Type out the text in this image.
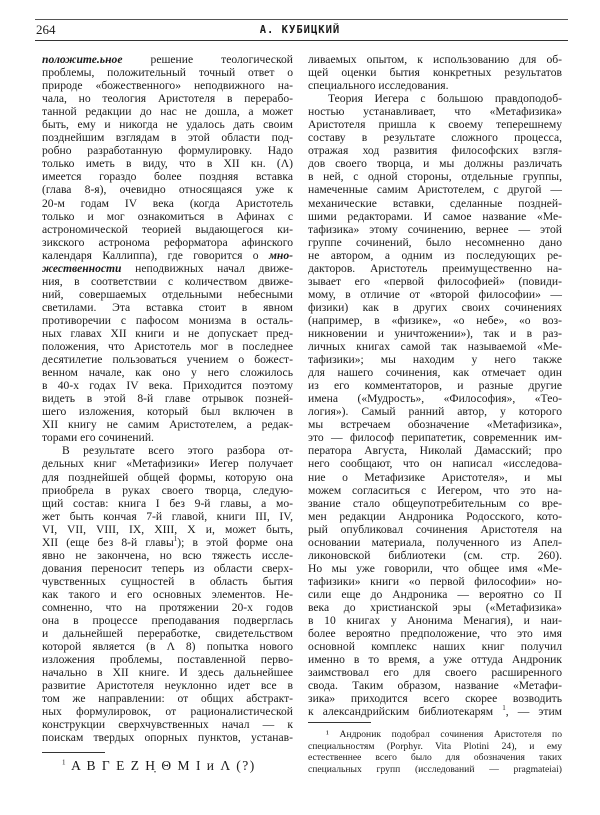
264	А. КУБИЦКИЙ
положите.ьное решение теологической
проблемы, положительный точный ответ о
природе «божественного» неподвижного на-
чала, но теология Аристотеля в перерабо-
танной редакции до нас не дошла, а может
быть, ему и никогда не удалось дать своим
позднейшим взглядам в этой области под-
робно разработанную формулировку. Надо
только иметь в виду, что в XII кн. (Λ)
имеется гораздо более поздняя вставка
(глава 8-я), очевидно относящаяся уже к
20-м годам IV века (когда Аристотель
только и мог ознакомиться в Афинах с
астрономической теорией выдающегося ки-
зикского астронома реформатора афинского
календаря Каллиппа), где говорится о мно-
жественности неподвижных начал движе-
ния, в соответствии с количеством движе-
ний, совершаемых отдельными небесными
светилами. Эта вставка стоит в явном
противоречии с пафосом монизма в осталь-
ных главах XII книги и не допускает пред-
положения, что Аристотель мог в последнее
десятилетие пользоваться учением о божест-
венном начале, как оно у него сложилось
в 40-х годах IV века. Приходится поэтому
видеть в этой 8-й главе отрывок позней-
шего изложения, который был включен в
XII книгу не самим Аристотелем, а редак-
торами его сочинений.
В результате всего этого разбора от-
дельных книг «Метафизики» Иегер получает
для позднейшей общей формы, которую она
приобрела в руках своего творца, следую-
щий состав: книга I без 9-й главы, а мо-
жет быть кончая 7-й главой, книги III, IV,
VI, VII, VIII, IX, XIII, X и, может быть,
XII (еще без 8-й главы$^1$); в этой форме она
явно не закончена, но всю тяжесть иссле-
дования переносит теперь из области сверх-
чувственных сущностей в область бытия
как такого и его основных элементов. Не-
сомненно, что на протяжении 20-х годов
она в процессе преподавания подверглась
и дальнейшей переработке, свидетельством
которой является (в Λ 8) попытка нового
изложения проблемы, поставленной перво-
начально в XII книге. И здесь дальнейшее
развитие Аристотеля неуклонно идет все в
том же направлении: от общих абстракт-
ных формулировок, от рационалистической
конструкции сверхчувственных начал — к
поискам твердых опорных пунктов, устанав-
ливаемых опытом, к использованию для об-
щей оценки бытия конкретных результатов
специального исследования.
Теория Иегера с большою правдоподоб-
ностью устанавливает, что «Метафизика»
Аристотеля пришла к своему теперешнему
составу в результате сложного процесса,
отражая ход развития философских взгля-
дов своего творца, и мы должны различать
в ней, с одной стороны, отдельные группы,
намеченные самим Аристотелем, с другой —
механические вставки, сделанные поздней-
шими редакторами. И самое название «Ме-
тафизика» этому сочинению, вернее — этой
группе сочинений, было несомненно дано
не автором, а одним из последующих ре-
дакторов. Аристотель преимущественно на-
зывает его «первой философией» (повиди-
мому, в отличие от «второй философии» —
физики) как в других своих сочинениях
(например, в «физике», «о небе», «о воз-
никновении и уничтожении»), так и в раз-
личных книгах самой так называемой «Ме-
тафизики»; мы находим у него также
для нашего сочинения, как отмечает один
из его комментаторов, и разные другие
имена («Мудрость», «Философия», «Тео-
логия»). Самый ранний автор, у которого
мы встречаем обозначение «Метафизика»,
это — философ перипатетик, современник им-
ператора Августа, Николай Дамасский; про
него сообщают, что он написал «исследова-
ние о Метафизике Аристотеля», и мы
можем согласиться с Иегером, что это на-
звание стало общеупотребительным со вре-
мен редакции Андроника Родосского, кото-
рый опубликовал сочинения Аристотеля на
основании материала, полученного из Апел-
ликоновской библиотеки (см. стр. 260).
Но мы уже говорили, что общее имя «Ме-
тафизики» книги «о первой философии» но-
сили еще до Андроника — вероятно со II
века до христианской эры («Метафизика»
в 10 книгах у Анонима Менагия), и наи-
более вероятно предположение, что это имя
основной комплекс наших книг получил
именно в то время, а уже оттуда Андроник
заимствовал его для своего расширенного
свода. Таким образом, название «Метафи-
зика» приходится всего скорее возводить
к александрийским библиотекарям $^1$, — этим
$^1$ Α Β Γ Ε Ζ Η̣ Θ Μ Ι и Λ (?)
¹ Андроник подобрал сочинения Аристотеля по
специальностям (Porphyr. Vita Plotini 24), и ему
естественнее всего было для обозначения таких
специальных групп (исследований — pragmateiai)
